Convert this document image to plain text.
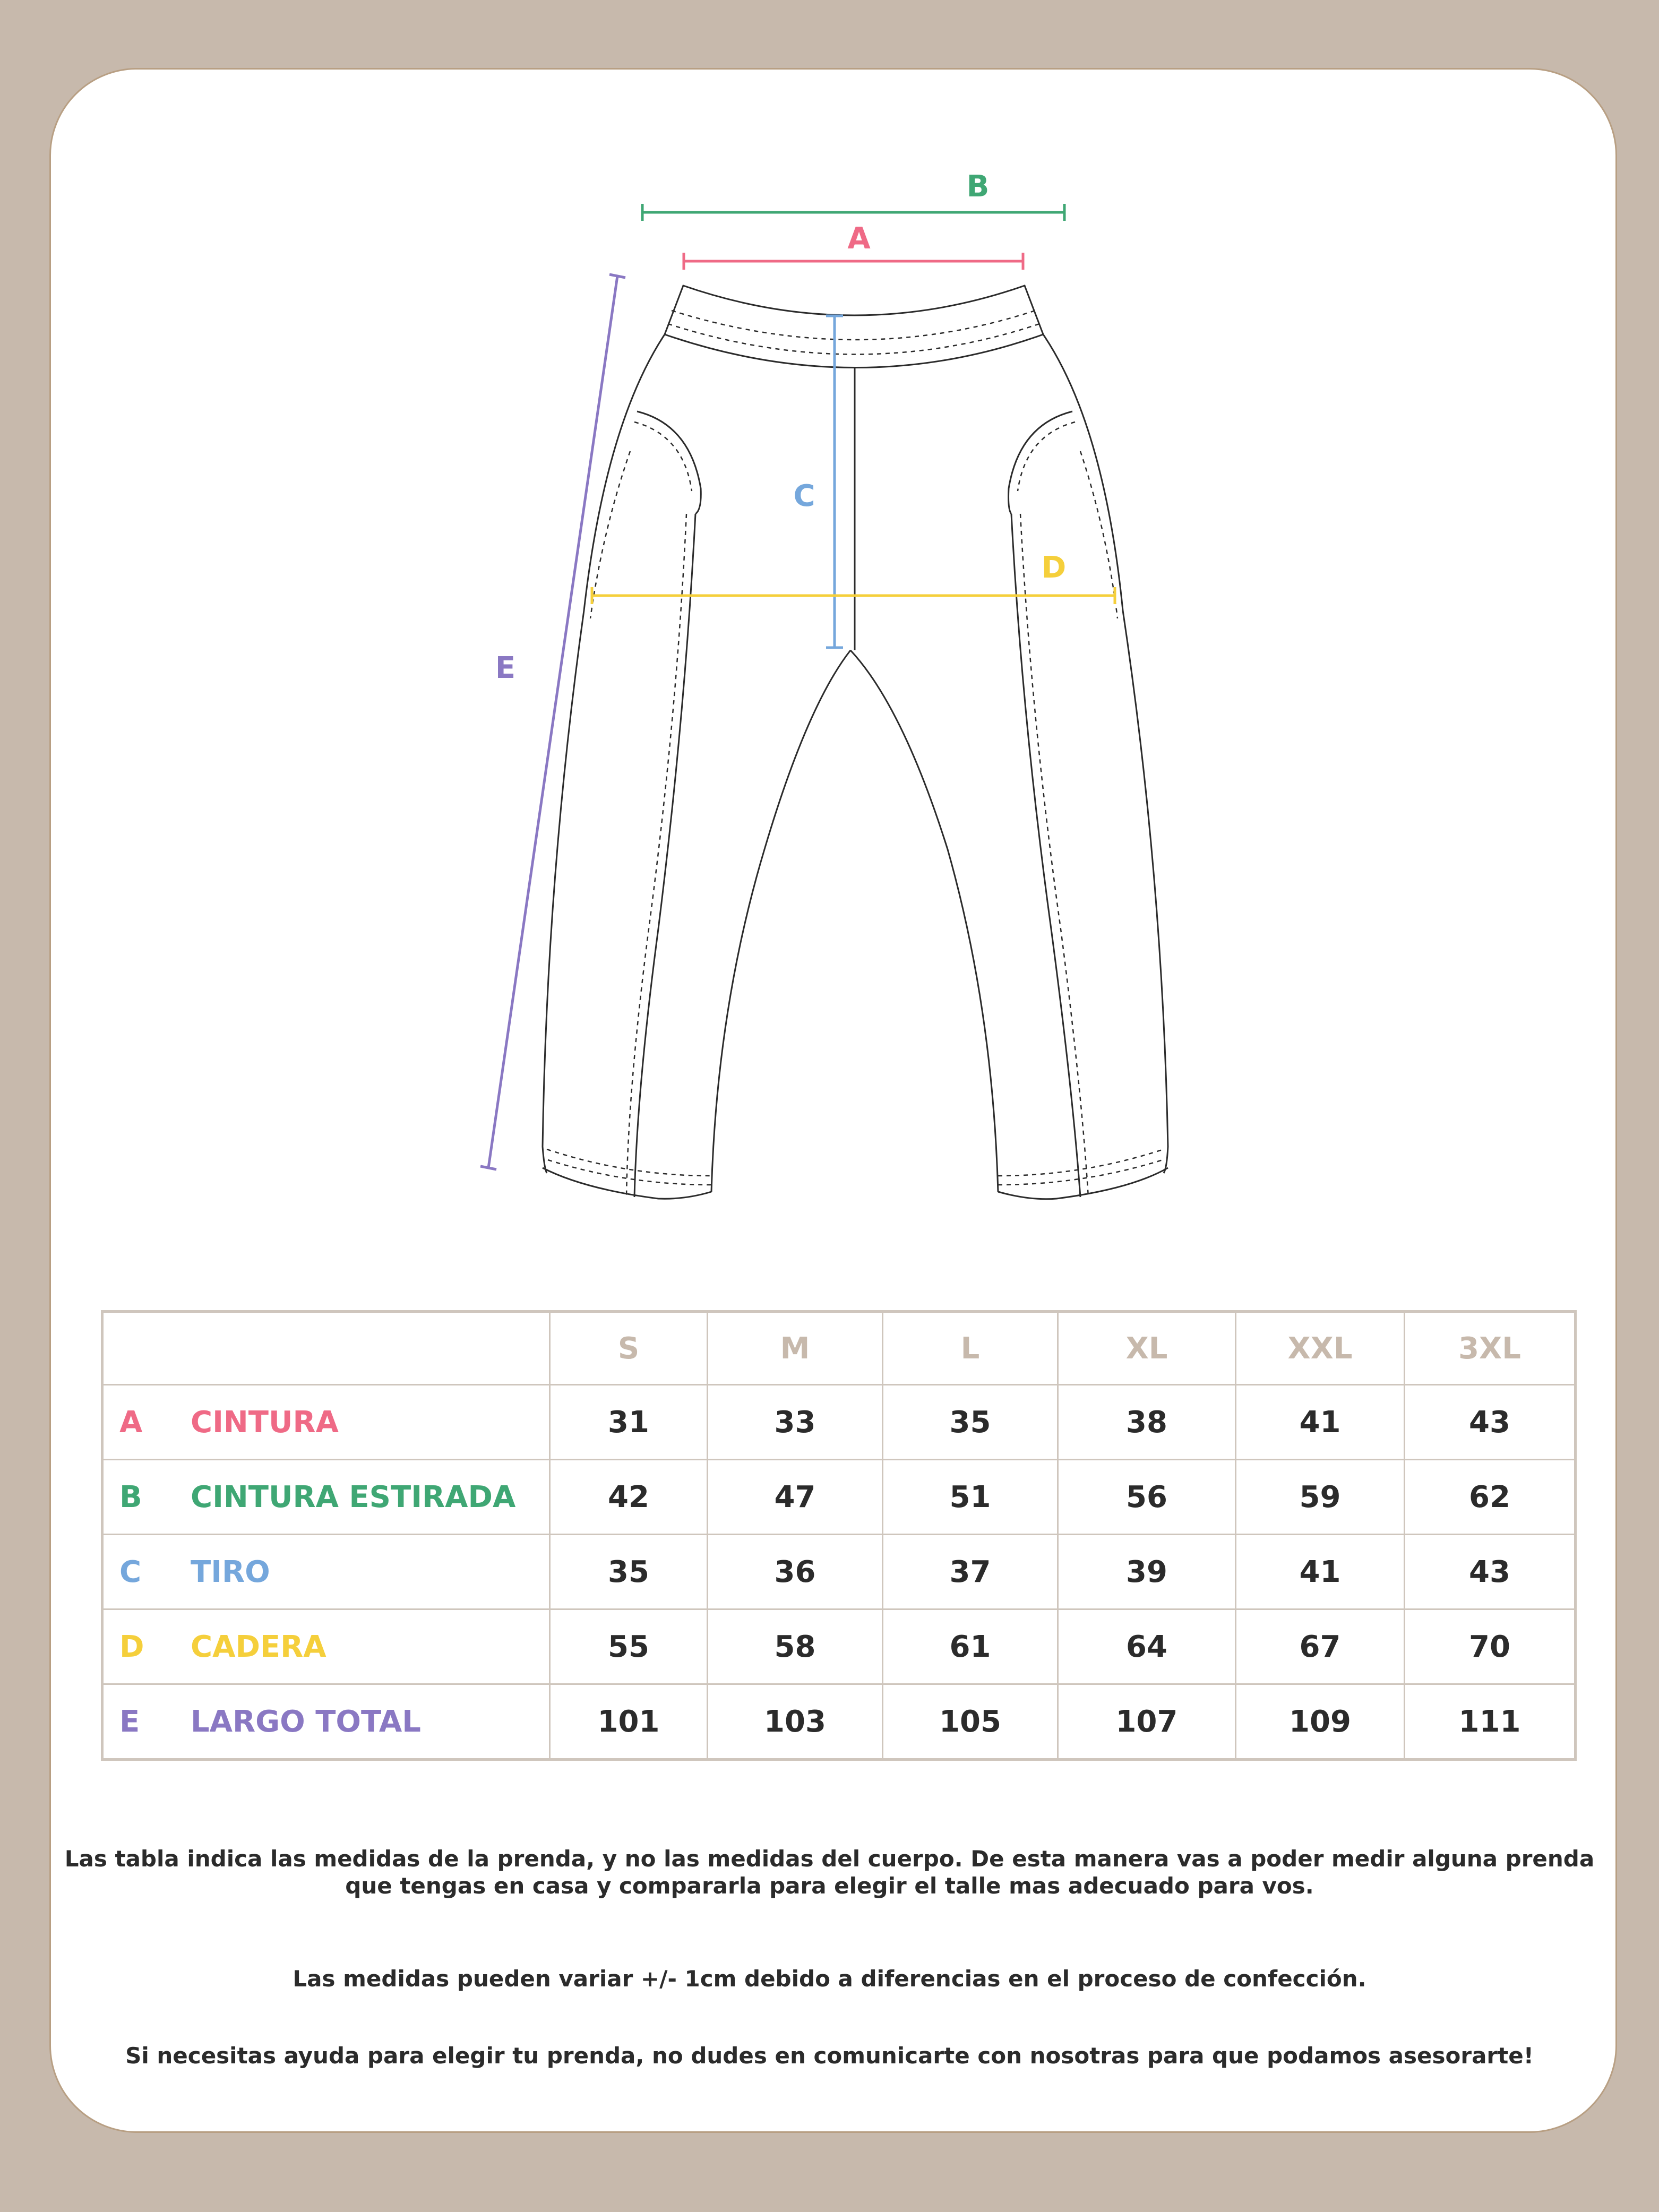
B
A
C
D
E
	S	M	L	XL	XXL	3XL
A CINTURA	31	33	35	38	41	43
B CINTURA ESTIRADA	42	47	51	56	59	62
C TIRO	35	36	37	39	41	43
D CADERA	55	58	61	64	67	70
E LARGO TOTAL	101	103	105	107	109	111

Las tabla indica las medidas de la prenda, y no las medidas del cuerpo. De esta manera vas a poder medir alguna prenda

que tengas en casa y compararla para elegir el talle mas adecuado para vos.

Las medidas pueden variar +/- 1cm debido a diferencias en el proceso de confección.

Si necesitas ayuda para elegir tu prenda, no dudes en comunicarte con nosotras para que podamos asesorarte!
